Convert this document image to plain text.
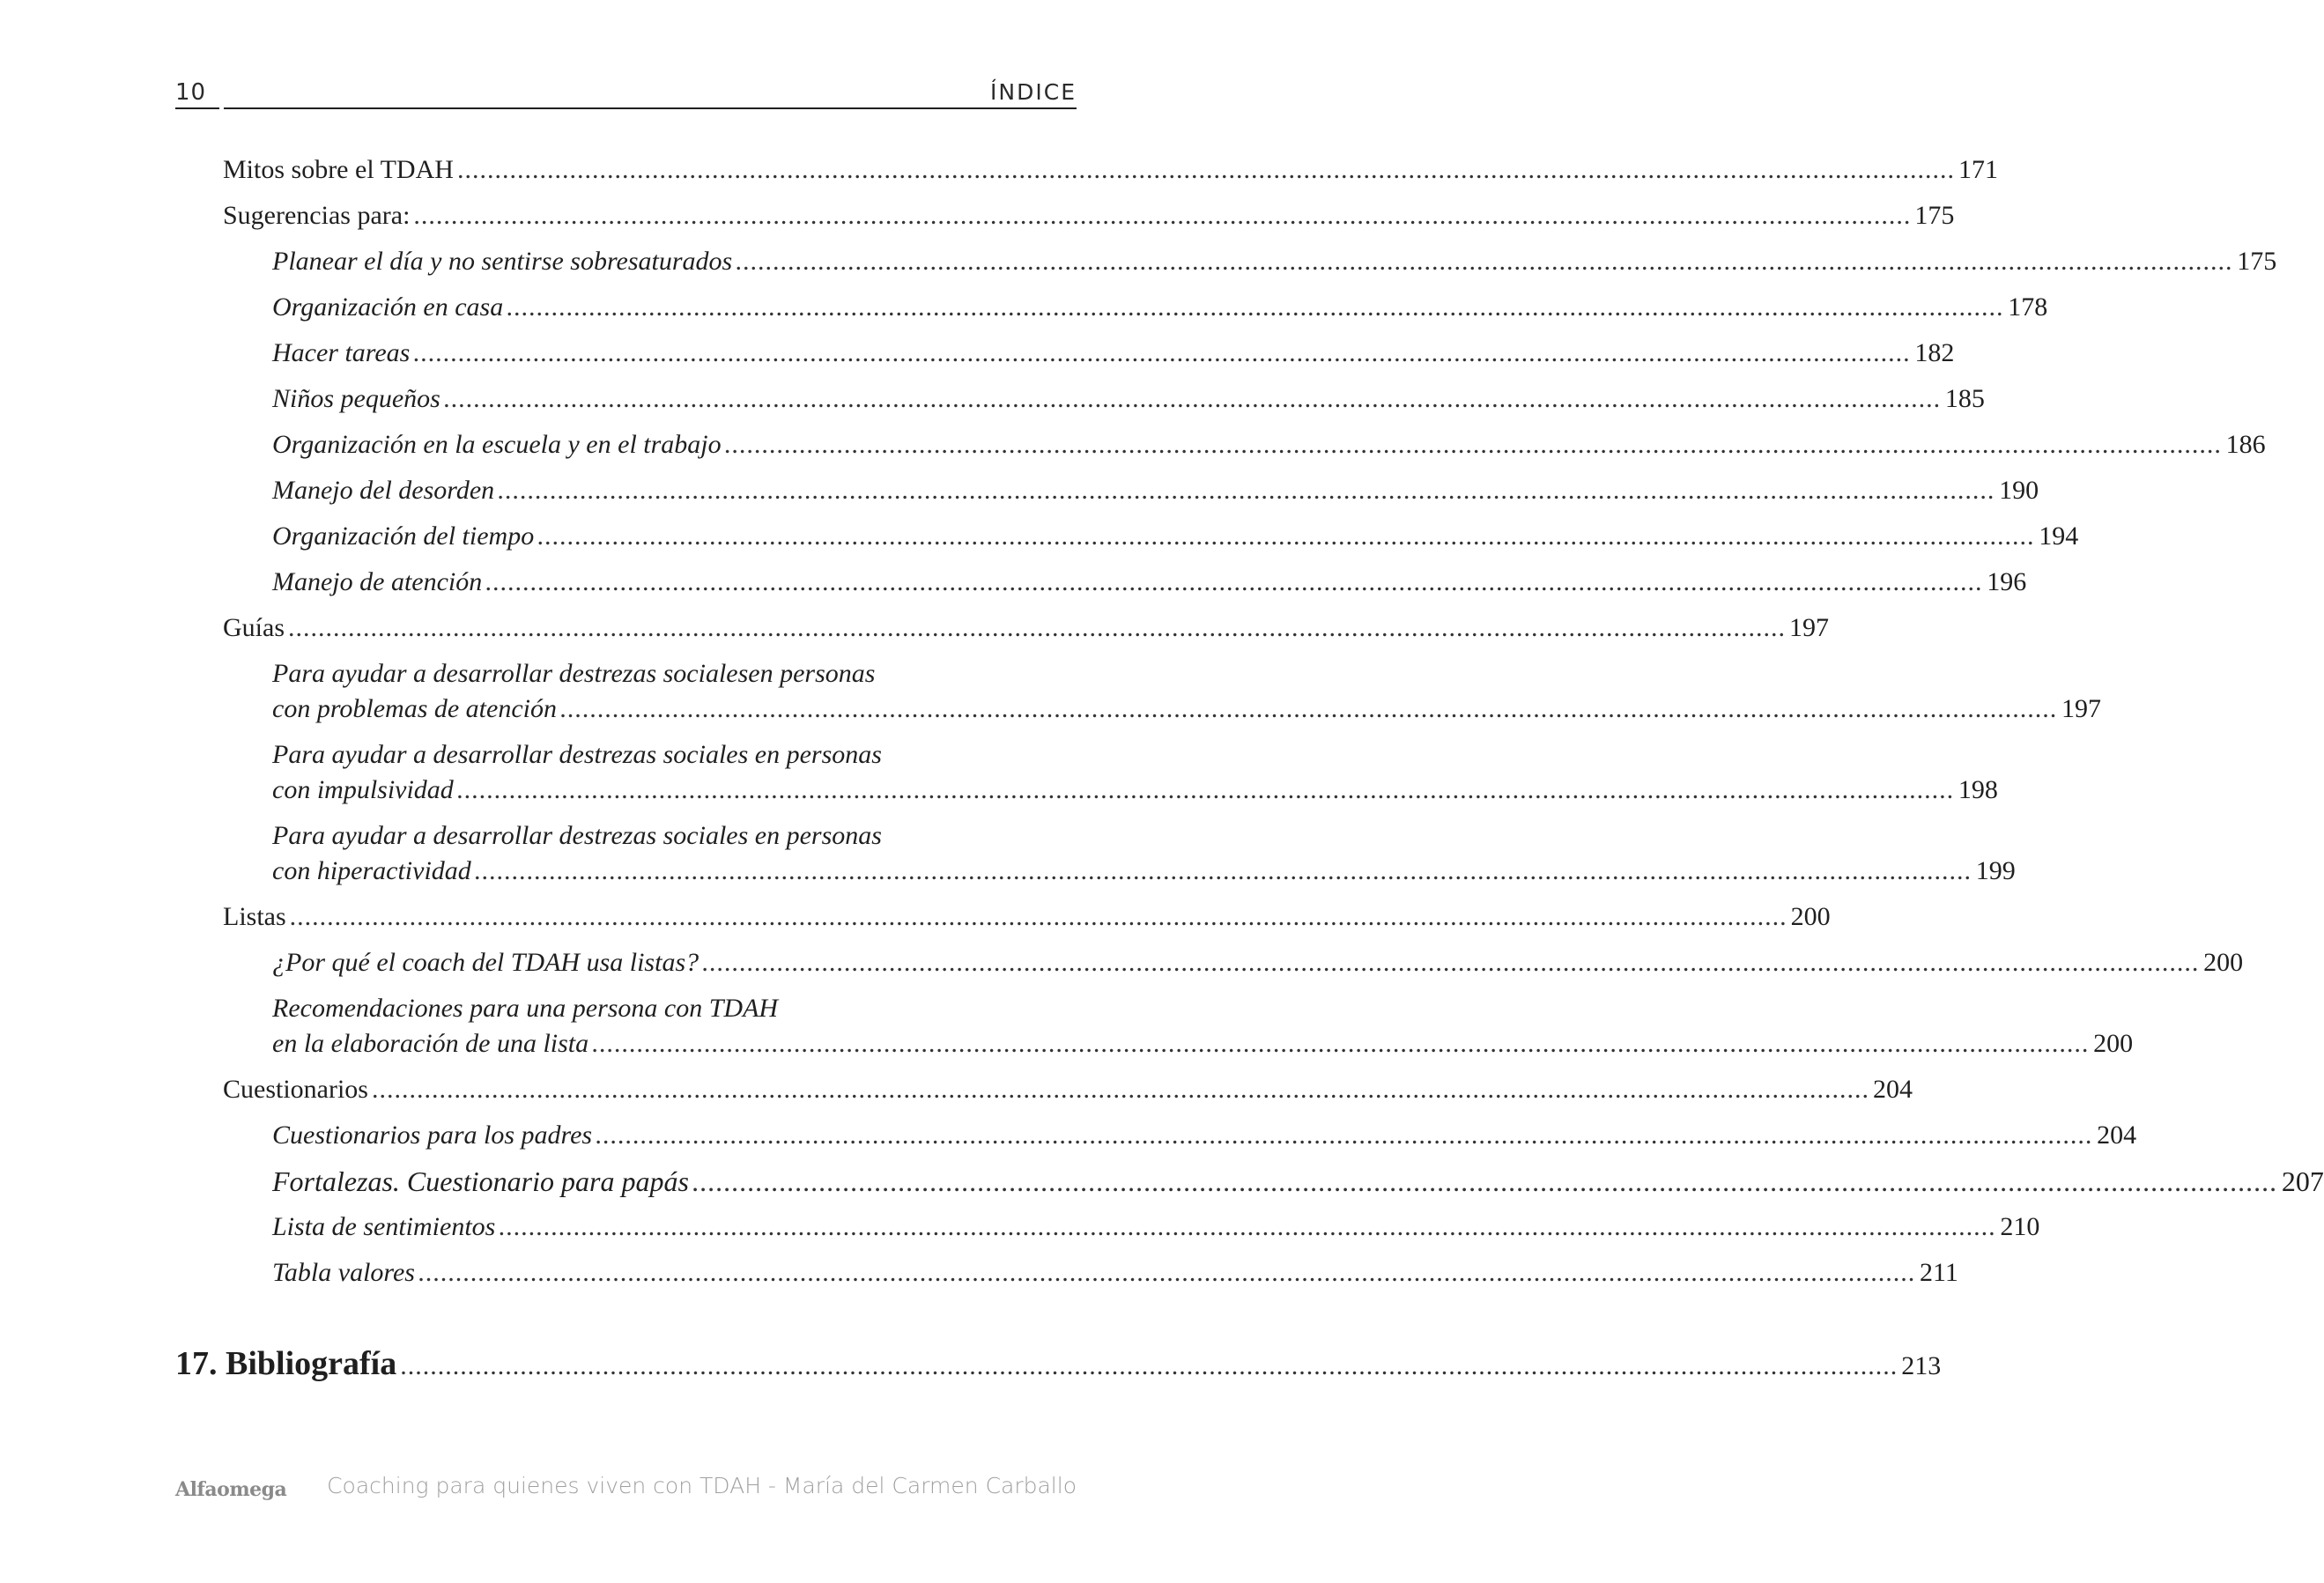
10	ÍNDICE
Mitos sobre el TDAH ........................................................................................................................................................................................................ 171
Sugerencias para: ........................................................................................................................................................................................................ 175
Planear el día y no sentirse sobresaturados ........................................................................................................................................................................................................ 175
Organización en casa ........................................................................................................................................................................................................ 178
Hacer tareas ........................................................................................................................................................................................................ 182
Niños pequeños ........................................................................................................................................................................................................ 185
Organización en la escuela y en el trabajo ........................................................................................................................................................................................................ 186
Manejo del desorden ........................................................................................................................................................................................................ 190
Organización del tiempo ........................................................................................................................................................................................................ 194
Manejo de atención ........................................................................................................................................................................................................ 196
Guías ........................................................................................................................................................................................................ 197
Para ayudar a desarrollar destrezas socialesen personas
con problemas de atención ........................................................................................................................................................................................................ 197
Para ayudar a desarrollar destrezas sociales en personas
con impulsividad ........................................................................................................................................................................................................ 198
Para ayudar a desarrollar destrezas sociales en personas
con hiperactividad ........................................................................................................................................................................................................ 199
Listas ........................................................................................................................................................................................................ 200
¿Por qué el coach del TDAH usa listas? ........................................................................................................................................................................................................ 200
Recomendaciones para una persona con TDAH
en la elaboración de una lista ........................................................................................................................................................................................................ 200
Cuestionarios ........................................................................................................................................................................................................ 204
Cuestionarios para los padres ........................................................................................................................................................................................................ 204
Fortalezas. Cuestionario para papás ........................................................................................................................................................................................................ 207
Lista de sentimientos ........................................................................................................................................................................................................ 210
Tabla valores ........................................................................................................................................................................................................ 211
17. Bibliografía ........................................................................................................................................................................................................ 213
Alfaomega Coaching para quienes viven con TDAH - María del Carmen Carballo
